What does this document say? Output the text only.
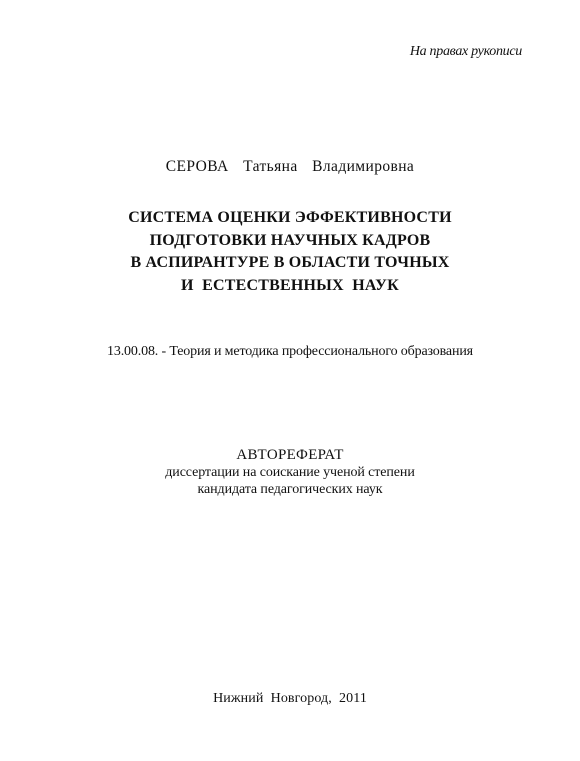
На правах рукописи
СЕРОВА  Татьяна  Владимировна
СИСТЕМА ОЦЕНКИ ЭФФЕКТИВНОСТИ
ПОДГОТОВКИ НАУЧНЫХ КАДРОВ
В АСПИРАНТУРЕ В ОБЛАСТИ ТОЧНЫХ
И  ЕСТЕСТВЕННЫХ  НАУК
13.00.08. - Теория и методика профессионального образования
АВТОРЕФЕРАТ
диссертации на соискание ученой степени
кандидата педагогических наук
Нижний  Новгород,  2011
